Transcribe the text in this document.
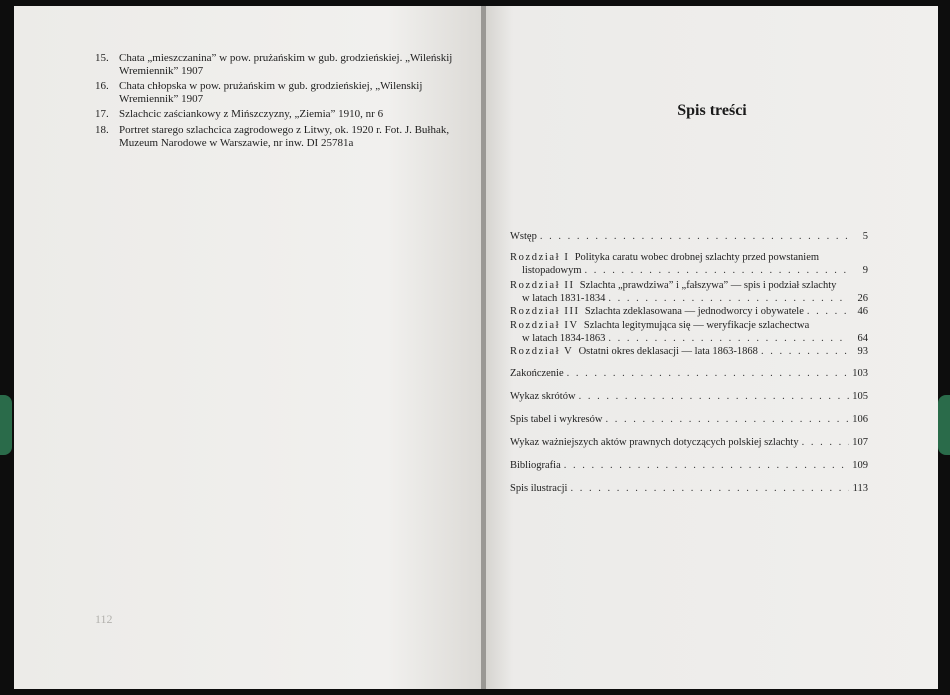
112
15. Chata „mieszczanina” w pow. prużańskim w gub. grodzieńskiej. „Wileńskij Wremiennik” 1907
16. Chata chłopska w pow. prużańskim w gub. grodzieńskiej, „Wilenskij Wremiennik” 1907
17. Szlachcic zaściankowy z Mińszczyzny, „Ziemia” 1910, nr 6
18. Portret starego szlachcica zagrodowego z Litwy, ok. 1920 r. Fot. J. Bułhak, Muzeum Narodowe w Warszawie, nr inw. DI 25781a
Spis treści
Wstęp . . .	5
Rozdział I Polityka caratu wobec drobnej szlachty przed powstaniem
listopadowym . . .	9
Rozdział II Szlachta „prawdziwa” i „fałszywa” — spis i podział szlachty
w latach 1831-1834 . . .	26
Rozdział III Szlachta zdeklasowana — jednodworcy i obywatele . . .	46
Rozdział IV Szlachta legitymująca się — weryfikacje szlachectwa
w latach 1834-1863 . . .	64
Rozdział V Ostatni okres deklasacji — lata 1863-1868 . . .	93
Zakończenie . . .	103
Wykaz skrótów . . .	105
Spis tabel i wykresów . . .	106
Wykaz ważniejszych aktów prawnych dotyczących polskiej szlachty . . .	107
Bibliografia . . .	109
Spis ilustracji . . .	113
